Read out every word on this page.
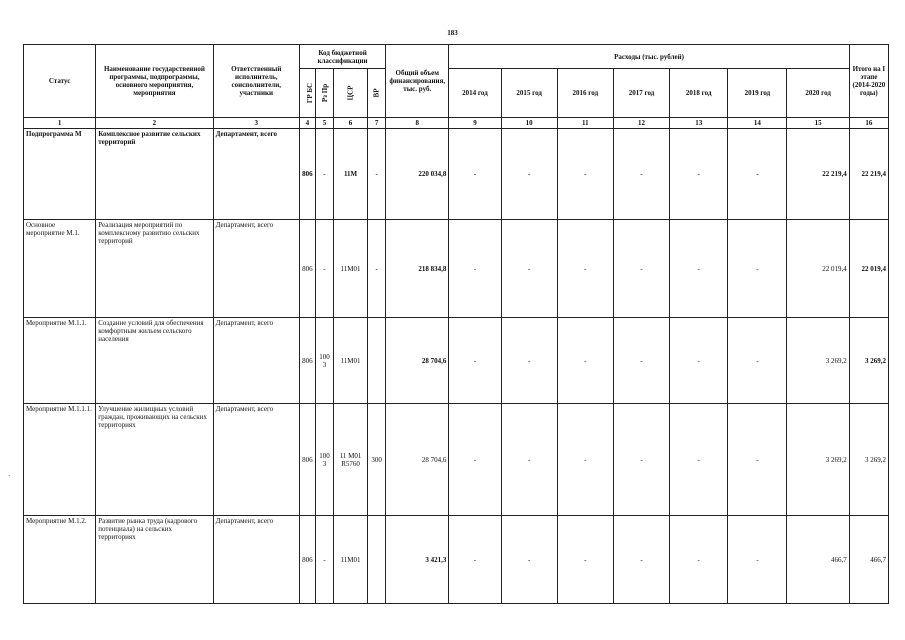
183
·
Статус	Наименование государственной программы, подпрограммы, основного мероприятия, мероприятия	Ответственный исполнитель, соисполнители, участники	Код бюджетной классификации				Общий объем финансирования, тыс. руб.	Расходы (тыс. рублей)							Итого на I этапе (2014-2020 годы)
			ГР БС	Рз Пр	ЦСР	ВР		2014 год	2015 год	2016 год	2017 год	2018 год	2019 год	2020 год	
1	2	3	4	5	6	7	8	9	10	11	12	13	14	15	16
Подпрограмма М	Комплексное развитие сельских территорий	Департамент, всего	806	-	11М	-	220 034,8	-	-	-	-	-	-	22 219,4	22 219,4
Основное мероприятие М.1.	Реализация мероприятий по комплексному развитию сельских территорий	Департамент, всего	806	-	11М01	-	218 834,8	-	-	-	-	-	-	22 019,4	22 019,4
Мероприятие М.1.1.	Создание условий для обеспечения комфортным жильем сельского населения	Департамент, всего	806	1003	11М01		28 704,6	-	-	-	-	-	-	3 269,2	3 269,2
Мероприятие М.1.1.1.	Улучшение жилищных условий граждан, проживающих на сельских территориях	Департамент, всего	806	1003	11 М01 R5760	300	28 704,6	-	-	-	-	-	-	3 269,2	3 269,2
Мероприятие М.1.2.	Развитие рынка труда (кадрового потенциала) на сельских территориях	Департамент, всего	806	-	11М01		3 421,3	-	-	-	-	-	-	466,7	466,7
